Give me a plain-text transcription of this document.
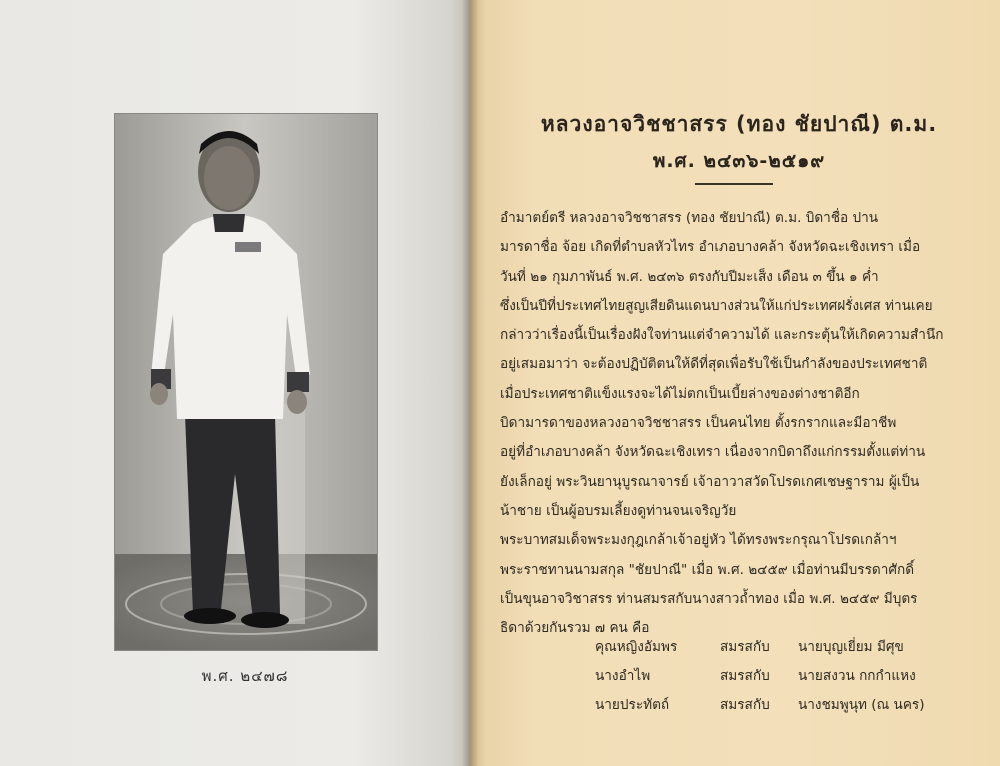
พ.ศ. ๒๔๗๘
หลวงอาจวิชชาสรร (ทอง ชัยปาณี) ต.ม.
พ.ศ. ๒๔๓๖-๒๕๑๙
อำมาตย์ตรี หลวงอาจวิชชาสรร (ทอง ชัยปาณี) ต.ม. บิดาชื่อ ปาน
มารดาชื่อ จ้อย เกิดที่ตำบลหัวไทร อำเภอบางคล้า จังหวัดฉะเชิงเทรา เมื่อ
วันที่ ๒๑ กุมภาพันธ์ พ.ศ. ๒๔๓๖ ตรงกับปีมะเส็ง เดือน ๓ ขึ้น ๑ ค่ำ
ซึ่งเป็นปีที่ประเทศไทยสูญเสียดินแดนบางส่วนให้แก่ประเทศฝรั่งเศส ท่านเคย
กล่าวว่าเรื่องนี้เป็นเรื่องฝังใจท่านแต่จำความได้ และกระตุ้นให้เกิดความสำนึก
อยู่เสมอมาว่า จะต้องปฏิบัติตนให้ดีที่สุดเพื่อรับใช้เป็นกำลังของประเทศชาติ
เมื่อประเทศชาติแข็งแรงจะได้ไม่ตกเป็นเบี้ยล่างของต่างชาติอีก
บิดามารดาของหลวงอาจวิชชาสรร เป็นคนไทย ตั้งรกรากและมีอาชีพ
อยู่ที่อำเภอบางคล้า จังหวัดฉะเชิงเทรา เนื่องจากบิดาถึงแก่กรรมตั้งแต่ท่าน
ยังเล็กอยู่ พระวินยานุบูรณาจารย์ เจ้าอาวาสวัดโปรดเกศเชษฐาราม ผู้เป็น
น้าชาย เป็นผู้อบรมเลี้ยงดูท่านจนเจริญวัย
พระบาทสมเด็จพระมงกุฎเกล้าเจ้าอยู่หัว ได้ทรงพระกรุณาโปรดเกล้าฯ
พระราชทานนามสกุล "ชัยปาณี" เมื่อ พ.ศ. ๒๔๕๙ เมื่อท่านมีบรรดาศักดิ์
เป็นขุนอาจวิชาสรร ท่านสมรสกับนางสาวถ้ำทอง เมื่อ พ.ศ. ๒๔๕๙ มีบุตร
ธิดาด้วยกันรวม ๗ คน คือ
คุณหญิงอัมพร	สมรสกับ นายบุญเยี่ยม มีศุข
นางอำไพ	สมรสกับ นายสงวน กกกำแหง
นายประทัตถ์	สมรสกับ นางชมพูนุท (ณ นคร)
